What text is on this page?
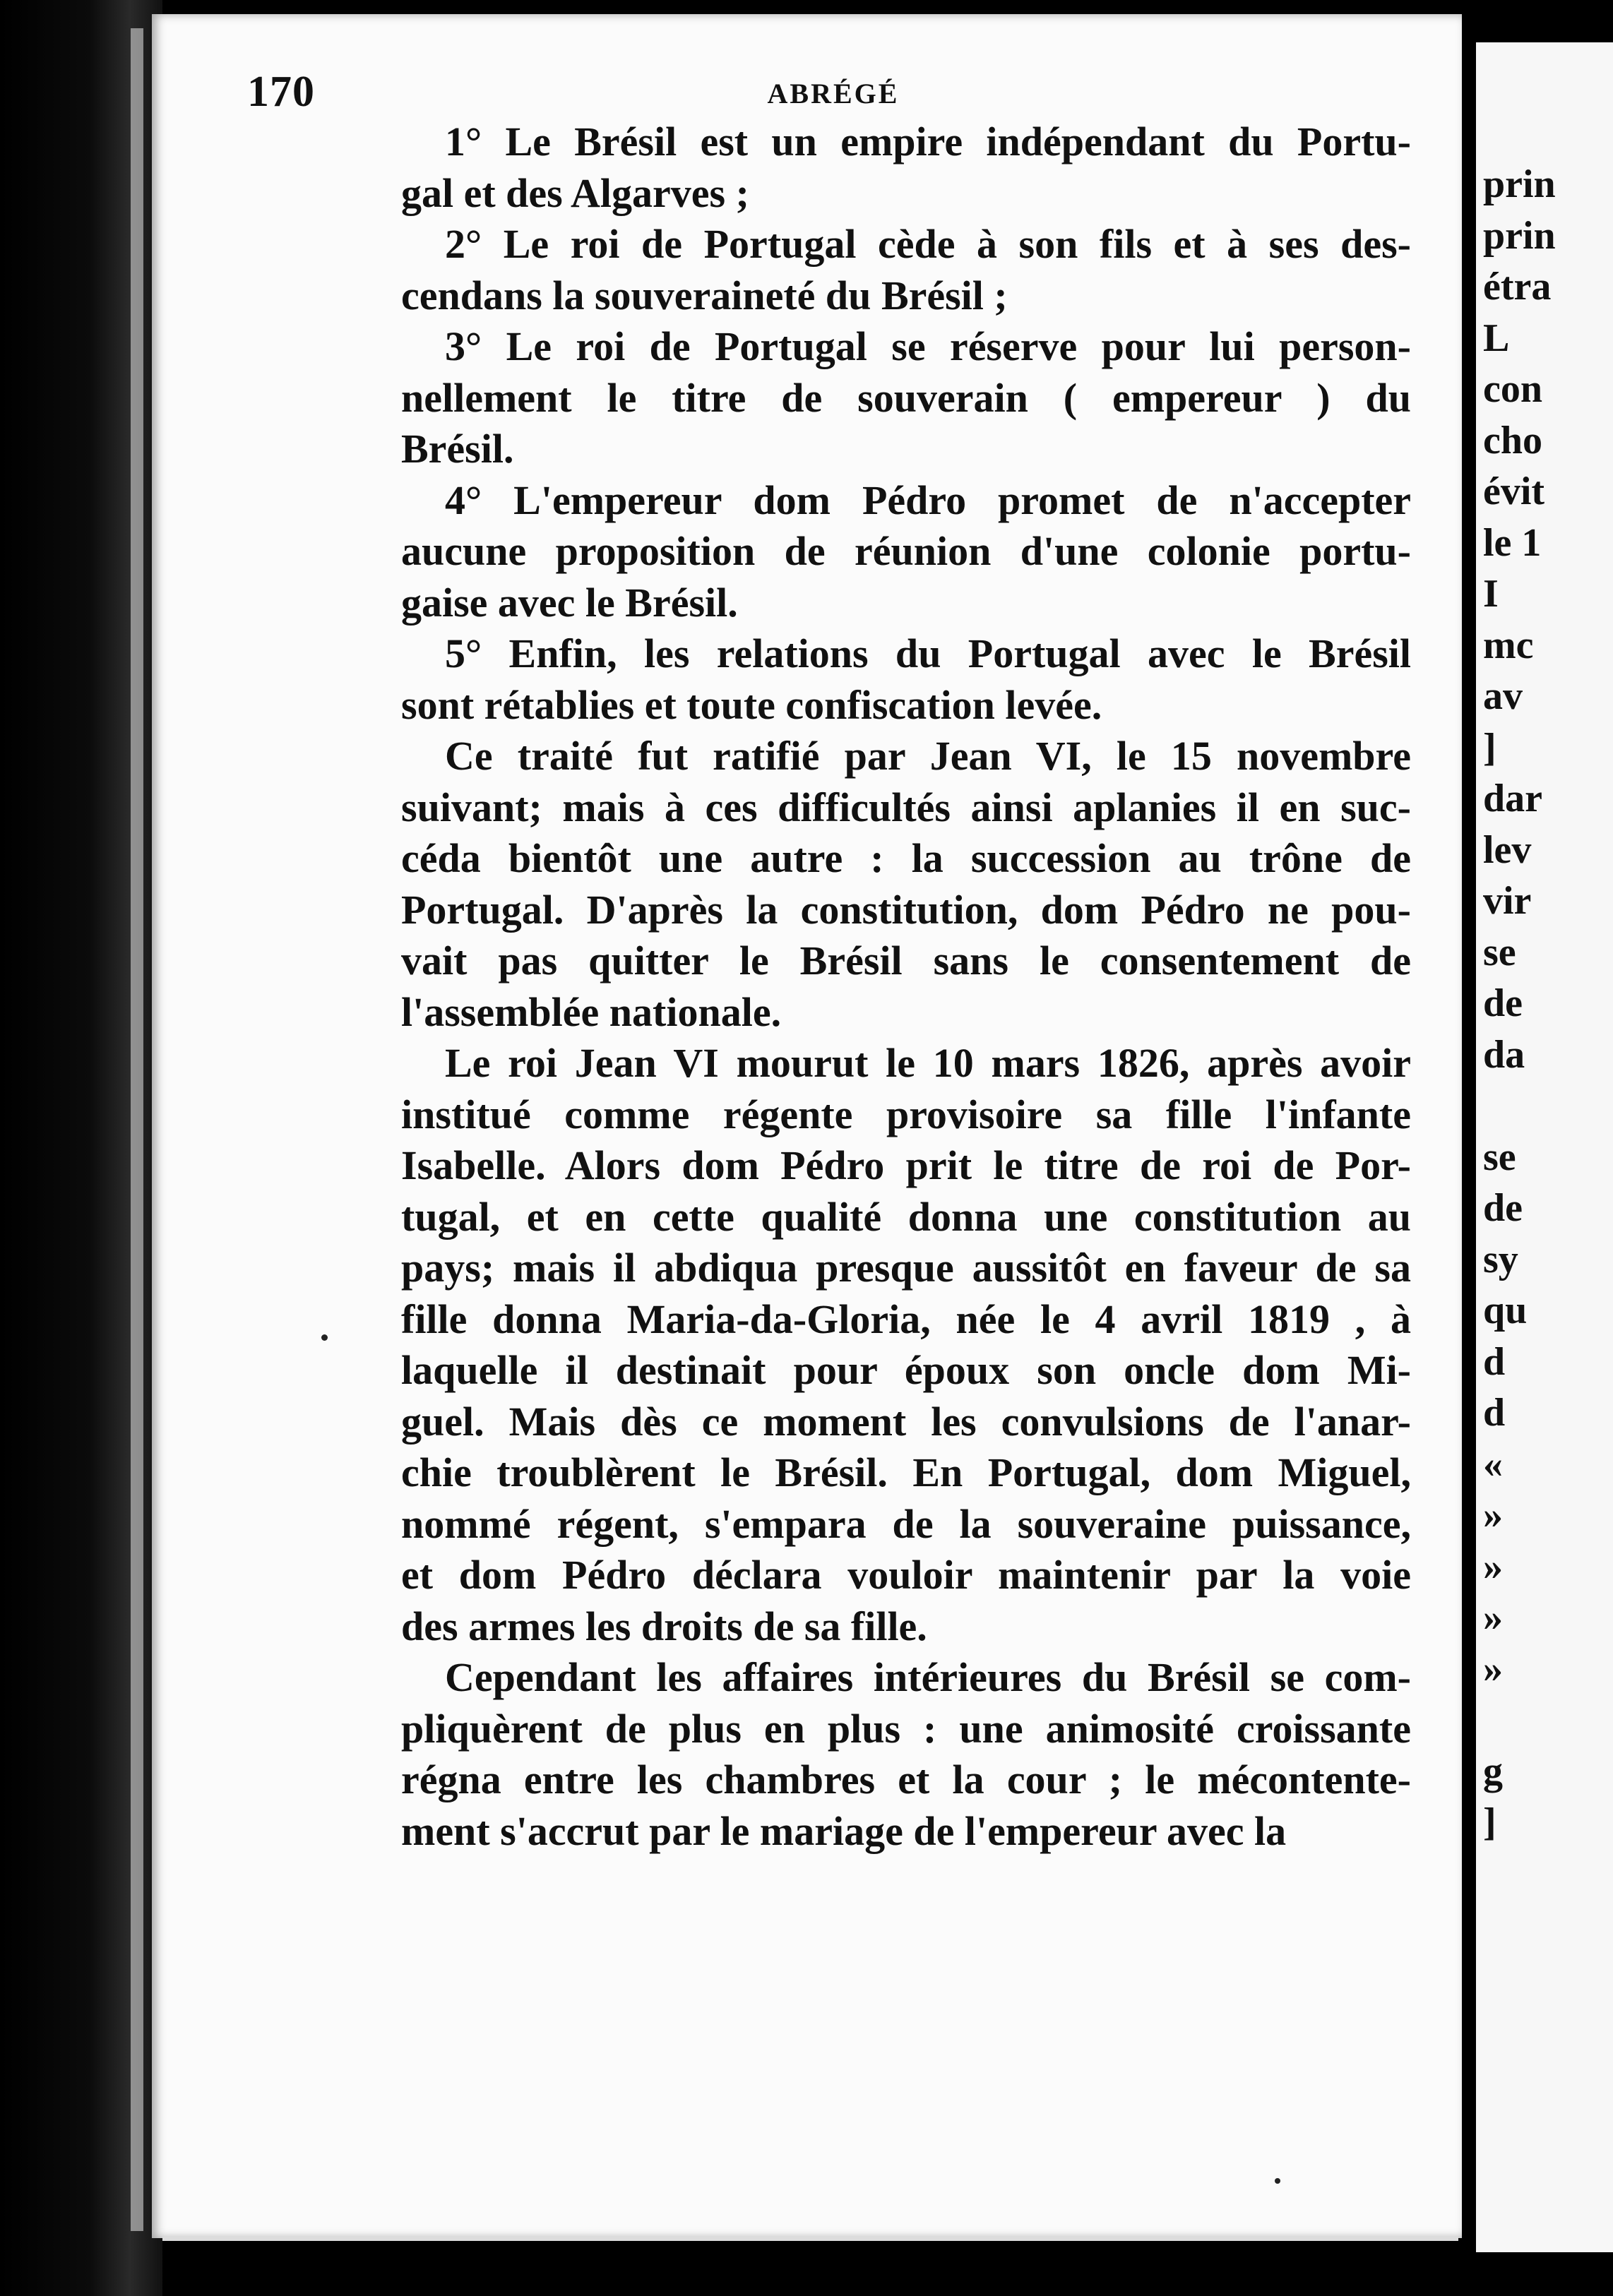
170	ABRÉGÉ
1° Le Brésil est un empire indépendant du Portu-
gal et des Algarves ;
2° Le roi de Portugal cède à son fils et à ses des-
cendans la souveraineté du Brésil ;
3° Le roi de Portugal se réserve pour lui person-
nellement le titre de souverain ( empereur ) du
Brésil.
4° L'empereur dom Pédro promet de n'accepter
aucune proposition de réunion d'une colonie portu-
gaise avec le Brésil.
5° Enfin, les relations du Portugal avec le Brésil
sont rétablies et toute confiscation levée.
Ce traité fut ratifié par Jean VI, le 15 novembre
suivant; mais à ces difficultés ainsi aplanies il en suc-
céda bientôt une autre : la succession au trône de
Portugal. D'après la constitution, dom Pédro ne pou-
vait pas quitter le Brésil sans le consentement de
l'assemblée nationale.
Le roi Jean VI mourut le 10 mars 1826, après avoir
institué comme régente provisoire sa fille l'infante
Isabelle. Alors dom Pédro prit le titre de roi de Por-
tugal, et en cette qualité donna une constitution au
pays; mais il abdiqua presque aussitôt en faveur de sa
fille donna Maria-da-Gloria, née le 4 avril 1819 , à
laquelle il destinait pour époux son oncle dom Mi-
guel. Mais dès ce moment les convulsions de l'anar-
chie troublèrent le Brésil. En Portugal, dom Miguel,
nommé régent, s'empara de la souveraine puissance,
et dom Pédro déclara vouloir maintenir par la voie
des armes les droits de sa fille.
Cependant les affaires intérieures du Brésil se com-
pliquèrent de plus en plus : une animosité croissante
régna entre les chambres et la cour ; le mécontente-
ment s'accrut par le mariage de l'empereur avec la
prin
prin
étra
L
con
cho
évit
le 1
I
mc
av
]
dar
lev
vir
se
de
da
se
de
sy
qu
d
d
«
»
»
»
»
g
]
